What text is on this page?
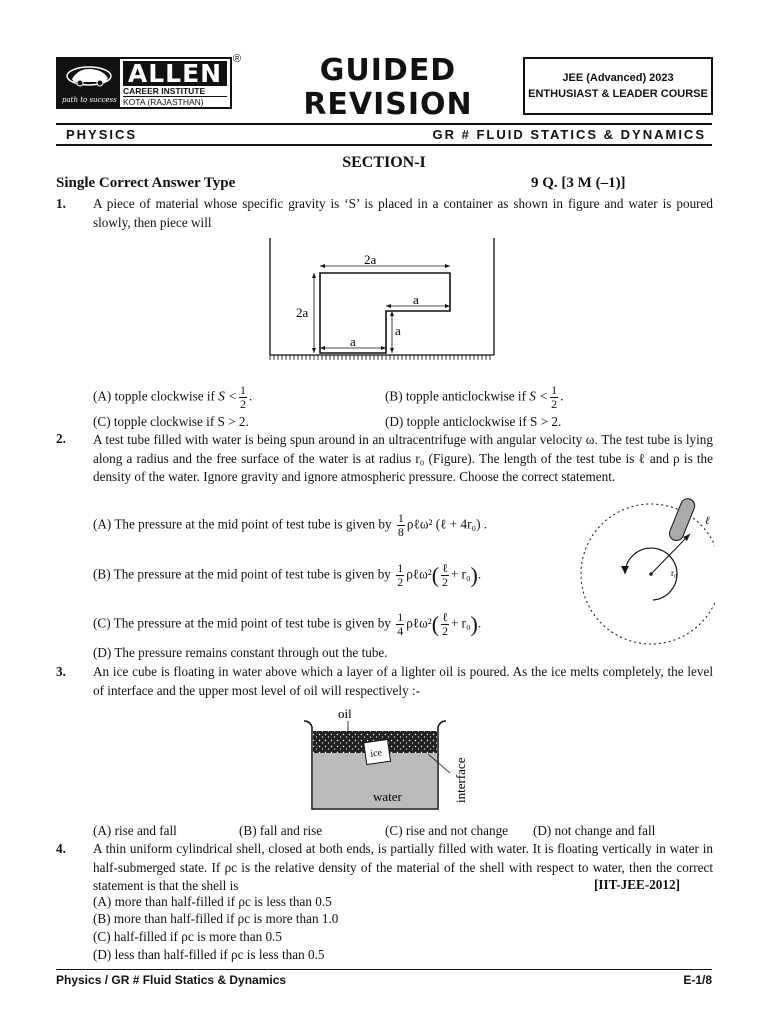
path to success
ALLEN
CAREER INSTITUTE
KOTA (RAJASTHAN)
®	GUIDED
REVISION
JEE (Advanced) 2023
ENTHUSIAST & LEADER COURSE
PHYSICS	GR # FLUID STATICS & DYNAMICS
SECTION-I
Single Correct Answer Type	9 Q. [3 M (–1)]
1. A piece of material whose specific gravity is ‘S’ is placed in a container as shown in figure and water is poured slowly, then piece will
2a
2a
a
a
a
(A) topple clockwise if $S < \frac{1}{2}$ .	(B) topple anticlockwise if $S < \frac{1}{2}$ .
(C) topple clockwise if S > 2.	(D) topple anticlockwise if S > 2.
2. A test tube filled with water is being spun around in an ultracentrifuge with angular velocity ω. The test tube is lying along a radius and the free surface of the water is at radius r₀ (Figure). The length of the test tube is ℓ and ρ is the density of the water. Ignore gravity and ignore atmospheric pressure. Choose the correct statement.
(A) The pressure at the mid point of test tube is given by $\frac{1}{8}$ ρℓω² (ℓ + 4r₀) .
(B) The pressure at the mid point of test tube is given by $\frac{1}{2}$ ρℓω²( $\frac{\text{ℓ}}{2} + r_0$).
(C) The pressure at the mid point of test tube is given by $\frac{1}{4}$ ρℓω²( $\frac{\text{ℓ}}{2} + r_0$).
(D) The pressure remains constant through out the tube.
r₀
ℓ
3. An ice cube is floating in water above which a layer of a lighter oil is poured. As the ice melts completely, the level of interface and the upper most level of oil will respectively :-
ice
oil
water	interface
(A) rise and fall	(B) fall and rise	(C) rise and not change (D) not change and fall
4. A thin uniform cylindrical shell, closed at both ends, is partially filled with water. It is floating vertically in water in half-submerged state. If ρc is the relative density of the material of the shell with respect to water, then the correct statement is that the shell is	[IIT-JEE-2012]
(A) more than half-filled if ρc is less than 0.5
(B) more than half-filled if ρc is more than 1.0
(C) half-filled if ρc is more than 0.5
(D) less than half-filled if ρc is less than 0.5
Physics / GR # Fluid Statics & Dynamics	E-1/8
